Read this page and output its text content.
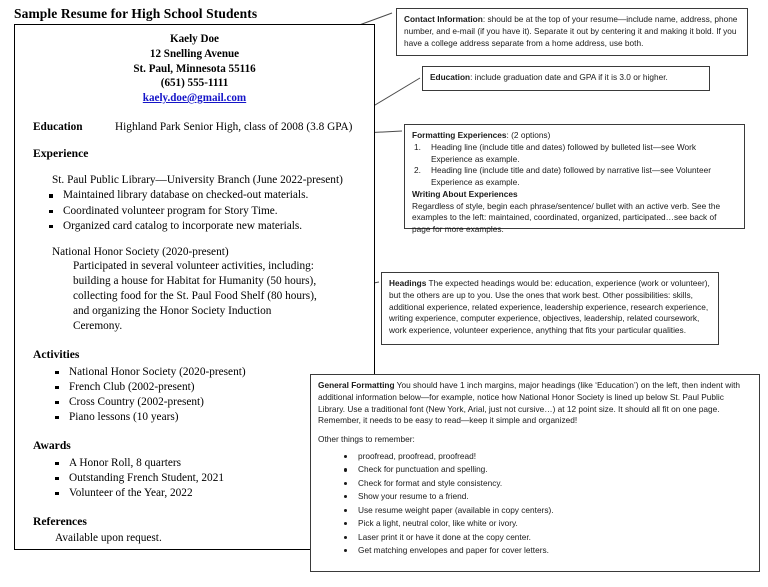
Sample Resume for High School Students
Kaely Doe
12 Snelling Avenue
St. Paul, Minnesota 55116
(651) 555-1111
kaely.doe@gmail.com
Education	Highland Park Senior High, class of 2008 (3.8 GPA)
Experience
St. Paul Public Library—University Branch (June 2022-present)
Maintained library database on checked-out materials.
Coordinated volunteer program for Story Time.
Organized card catalog to incorporate new materials.
National Honor Society (2020-present)
Participated in several volunteer activities, including: building a house for Habitat for Humanity (50 hours), collecting food for the St. Paul Food Shelf (80 hours), and organizing the Honor Society Induction Ceremony.
Activities
National Honor Society (2020-present)
French Club (2002-present)
Cross Country (2002-present)
Piano lessons (10 years)
Awards
A Honor Roll, 8 quarters
Outstanding French Student, 2021
Volunteer of the Year, 2022
References
Available upon request.

Contact Information: should be at the top of your resume—include name, address, phone number, and e-mail (if you have it). Separate it out by centering it and making it bold. If you have a college address separate from a home address, use both.

Education: include graduation date and GPA if it is 3.0 or higher.

Formatting Experiences: (2 options)

1. Heading line (include title and dates) followed by bulleted list—see Work Experience as example.
2. Heading line (include title and date) followed by narrative list—see Volunteer Experience as example.

Writing About Experiences

Regardless of style, begin each phrase/sentence/ bullet with an active verb. See the examples to the left: maintained, coordinated, organized, participated…see back of page for more examples.

Headings The expected headings would be: education, experience (work or volunteer), but the others are up to you. Use the ones that work best. Other possibilities: skills, additional experience, related experience, leadership experience, research experience, writing experience, computer experience, objectives, leadership, related coursework, work experience, volunteer experience, anything that fits your particular qualities.

General Formatting You should have 1 inch margins, major headings (like ‘Education’) on the left, then indent with additional information below—for example, notice how National Honor Society is lined up below St. Paul Public Library. Use a traditional font (New York, Arial, just not cursive…) at 12 point size. It should all fit on one page. Remember, it needs to be easy to read—keep it simple and organized!

Other things to remember:

proofread, proofread, proofread!
Check for punctuation and spelling.
Check for format and style consistency.
Show your resume to a friend.
Use resume weight paper (available in copy centers).
Pick a light, neutral color, like white or ivory.
Laser print it or have it done at the copy center.
Get matching envelopes and paper for cover letters.
